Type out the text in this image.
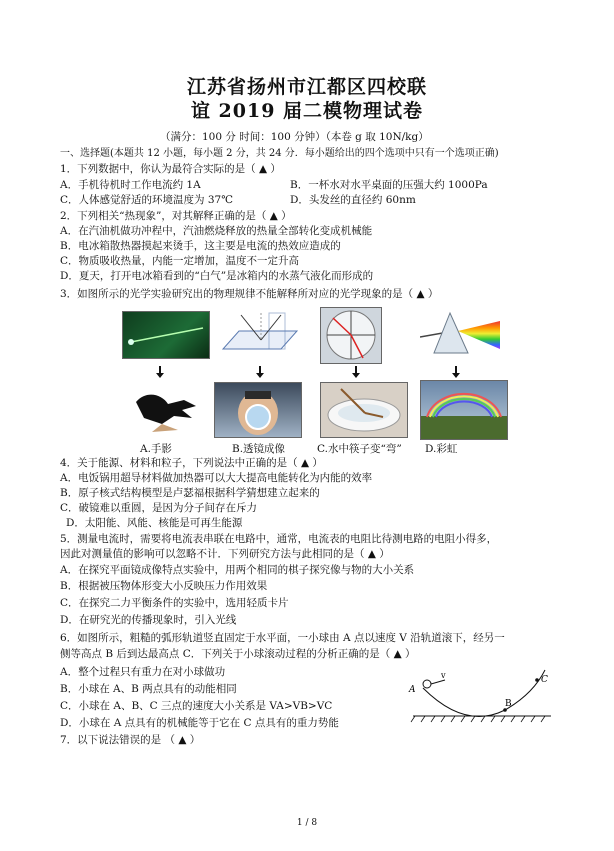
江苏省扬州市江都区四校联
谊 2019 届二模物理试卷
（满分：100 分 时间：100 分钟）（本卷 g 取 10N/kg）
一、选择题(本题共 12 小题，每小题 2 分，共 24 分．每小题给出的四个选项中只有一个选项正确)
1．下列数据中，你认为最符合实际的是（ ▲ ）
A．手机待机时工作电流约 1A	B．一杯水对水平桌面的压强大约 1000Pa
C．人体感觉舒适的环境温度为 37℃	D．头发丝的直径约 60nm
2．下列相关“热现象”，对其解释正确的是（ ▲ ）
A．在汽油机做功冲程中，汽油燃烧释放的热量全部转化变成机械能
B．电冰箱散热器摸起来烫手，这主要是电流的热效应造成的
C．物质吸收热量，内能一定增加，温度不一定升高
D．夏天，打开电冰箱看到的“白气”是冰箱内的水蒸气液化而形成的
3．如图所示的光学实验研究出的物理规律不能解释所对应的光学现象的是（ ▲ ）
A.手影	B.透镜成像	C.水中筷子变“弯” D.彩虹
4．关于能源、材料和粒子，下列说法中正确的是（ ▲ ）
A．电饭锅用超导材料做加热器可以大大提高电能转化为内能的效率
B．原子核式结构模型是卢瑟福根据科学猜想建立起来的
C．破镜难以重圆，是因为分子间存在斥力
D．太阳能、风能、核能是可再生能源
5．测量电流时，需要将电流表串联在电路中，通常，电流表的电阻比待测电路的电阻小得多，
因此对测量值的影响可以忽略不计．下列研究方法与此相同的是（ ▲ ）
A．在探究平面镜成像特点实验中，用两个相同的棋子探究像与物的大小关系
B．根据被压物体形变大小反映压力作用效果
C．在探究二力平衡条件的实验中，选用轻质卡片
D．在研究光的传播现象时，引入光线
6．如图所示，粗糙的弧形轨道竖直固定于水平面，一小球由 A 点以速度 V 沿轨道滚下，经另一
侧等高点 B 后到达最高点 C．下列关于小球滚动过程的分析正确的是（ ▲ ）
A．整个过程只有重力在对小球做功
B．小球在 A、B 两点具有的动能相同
C．小球在 A、B、C 三点的速度大小关系是 VA>VB>VC
D．小球在 A 点具有的机械能等于它在 C 点具有的重力势能
A
v
B
C
7．以下说法错误的是 （ ▲ ）
1 / 8
